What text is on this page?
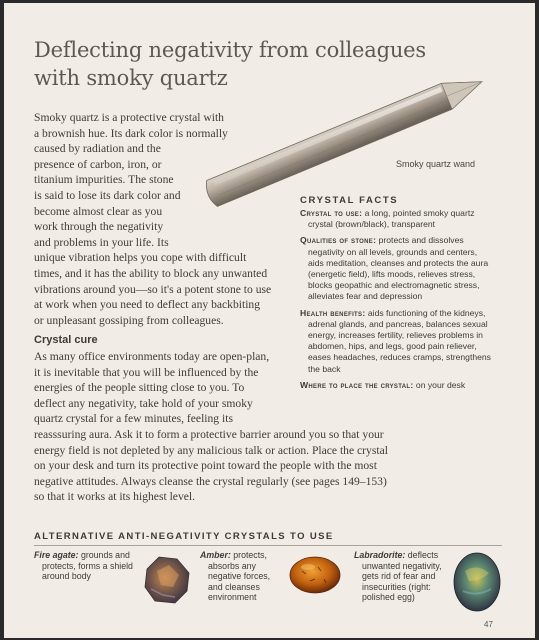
Deflecting negativity from colleagues
with smoky quartz
Smoky quartz wand
Smoky quartz is a protective crystal with
a brownish hue. Its dark color is normally
caused by radiation and the
presence of carbon, iron, or
titanium impurities. The stone
is said to lose its dark color and
become almost clear as you
work through the negativity
and problems in your life. Its
unique vibration helps you cope with difficult
times, and it has the ability to block any unwanted
vibrations around you—so it's a potent stone to use
at work when you need to deflect any backbiting
or unpleasant gossiping from colleagues.
Crystal cure
As many office environments today are open-plan,
it is inevitable that you will be influenced by the
energies of the people sitting close to you. To
deflect any negativity, take hold of your smoky
quartz crystal for a few minutes, feeling its
reasssuring aura. Ask it to form a protective barrier around you so that your
energy field is not depleted by any malicious talk or action. Place the crystal
on your desk and turn its protective point toward the people with the most
negative attitudes. Always cleanse the crystal regularly (see pages 149–153)
so that it works at its highest level.
CRYSTAL FACTS
Crystal to use: a long, pointed smoky quartz
crystal (brown/black), transparent
Qualities of stone: protects and dissolves
negativity on all levels, grounds and centers,
aids meditation, cleanses and protects the aura
(energetic field), lifts moods, relieves stress,
blocks geopathic and electromagnetic stress,
alleviates fear and depression
Health benefits: aids functioning of the kidneys,
adrenal glands, and pancreas, balances sexual
energy, increases fertility, relieves problems in
abdomen, hips, and legs, good pain reliever,
eases headaches, reduces cramps, strengthens
the back
Where to place the crystal: on your desk
ALTERNATIVE ANTI-NEGATIVITY CRYSTALS TO USE
Fire agate: grounds and
protects, forms a shield
around body
Amber: protects,
absorbs any
negative forces,
and cleanses
environment
Labradorite: deflects
unwanted negativity,
gets rid of fear and
insecurities (right:
polished egg)
47
